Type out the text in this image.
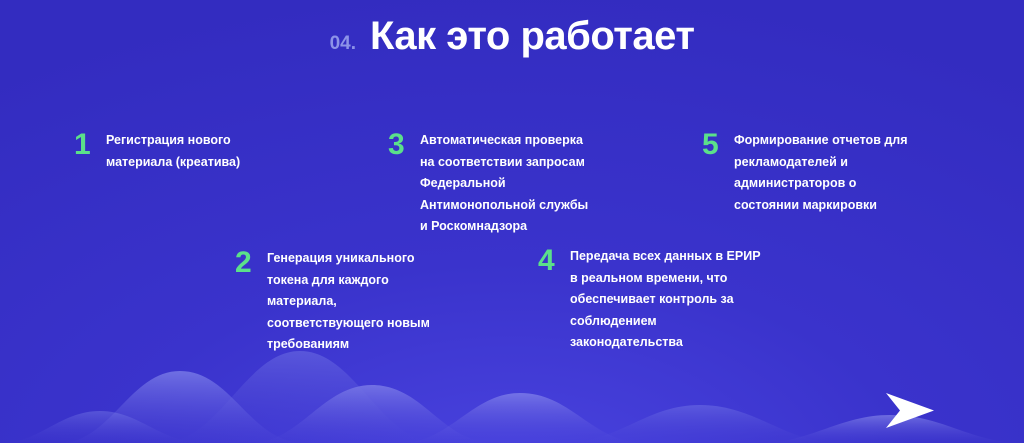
04. Как это работает
1 Регистрация нового материала (креатива)
2 Генерация уникального токена для каждого материала, соответствующего новым требованиям
3 Автоматическая проверка на соответствии запросам Федеральной Антимонопольной службы и Роскомнадзора
4 Передача всех данных в ЕРИР в реальном времени, что обеспечивает контроль за соблюдением законодательства
5 Формирование отчетов для рекламодателей и администраторов о состоянии маркировки
